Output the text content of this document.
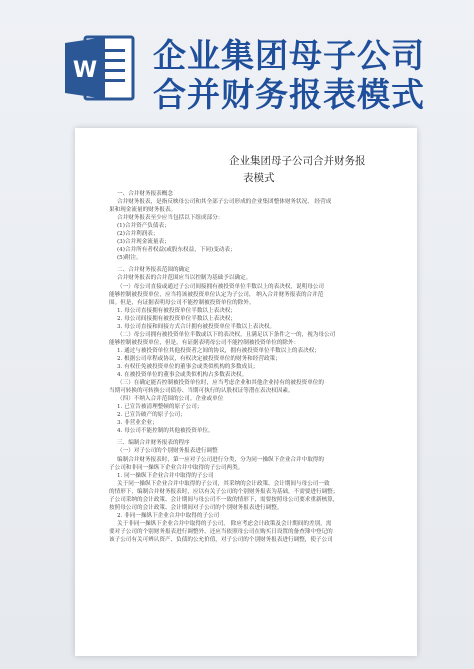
W 企业集团母子公司
合并财务报表模式
企业集团母子公司合并财务报
表模式

一、合并财务报表概念

合并财务报表，是指反映母公司和其全部子公司形成的企业集团整体财务状况、 经营成

果和现金流量的财务报表。

合并财务报表至少应当包括以下组成部分：

(1)合并资产负债表；

(2)合并利润表；

(3)合并现金流量表；

(4)合并所有者权益(或股东权益，下同)变动表；

(5)附注。

二、合并财务报表范围的确定

合并财务报表的合并范围应当以控制为基础予以确定。

（一）母公司直接或通过子公司间接拥有被投资单位半数以上的表决权，说明母公司

能够控制被投资单位，应当将该被投资单位认定为子公司， 纳入合并财务报表的合并范

围。但是，有证据表明母公司不能控制被投资单位的除外。

1. 母公司直接拥有被投资单位半数以上表决权；

2. 母公司间接拥有被投资单位半数以上表决权；

3. 母公司直接和间接方式合计拥有被投资单位半数以上表决权。

（二）母公司拥有被投资单位半数或以下的表决权，且满足以下条件之一的，视为母公司

能够控制被投资单位，但是，有证据表明母公司不能控制被投资单位的除外：

1. 通过与被投资单位其他投资者之间的协议，拥有被投资单位半数以上的表决权；

2. 根据公司章程或协议，有权决定被投资单位的财务和经营政策；

3. 有权任免被投资单位的董事会或类似机构的多数成员；

4. 在被投资单位的董事会或类似机构占多数表决权。

（三）在确定能否控制被投资单位时，应当考虑企业和其他企业持有的被投资单位的

当期可转换的可转换公司债券、当期可执行的认股权证等潜在表决权因素。

（四）不纳入合并范围的公司。企业或单位

1. 已宣告被清理整顿的原子公司；

2. 已宣告破产的原子公司；

3. 非营业企业；

4. 母公司不能控制的其他被投资单位。

三、编制合并财务报表的程序

（一）对子公司的个别财务报表进行调整

编制合并财务报表时，第一应对子公司进行分类，分为同一操纵下企业合并中取得的

子公司和非同一操纵下企业合并中取得的子公司两类。

1. 同一操纵下企业合并中取得的子公司

关于同一操纵下企业合并中取得的子公司，其采纳的会计政策、会计期间与母公司一致

的情形下，编制合并财务报表时，应以有关子公司的个别财务报表为基础，不需要进行调整；

子公司采纳的会计政策、会计期间与母公司不一致的情形下，需要按照母公司要求重新核算，

按照母公司的会计政策、会计期间对子公司的个别财务报表进行调整。

2. 非同一操纵下企业合并中取得的子公司

关于非同一操纵下企业合并中取得的子公司， 除应考虑会计政策及会计期间的差别，需

要对子公司的个别财务报表进行调整外，还应当依照母公司在购买日设置的备查簿中登记的

该子公司有关可辨认资产、负债的公允价值，对子公司的个别财务报表进行调整，使子公司
